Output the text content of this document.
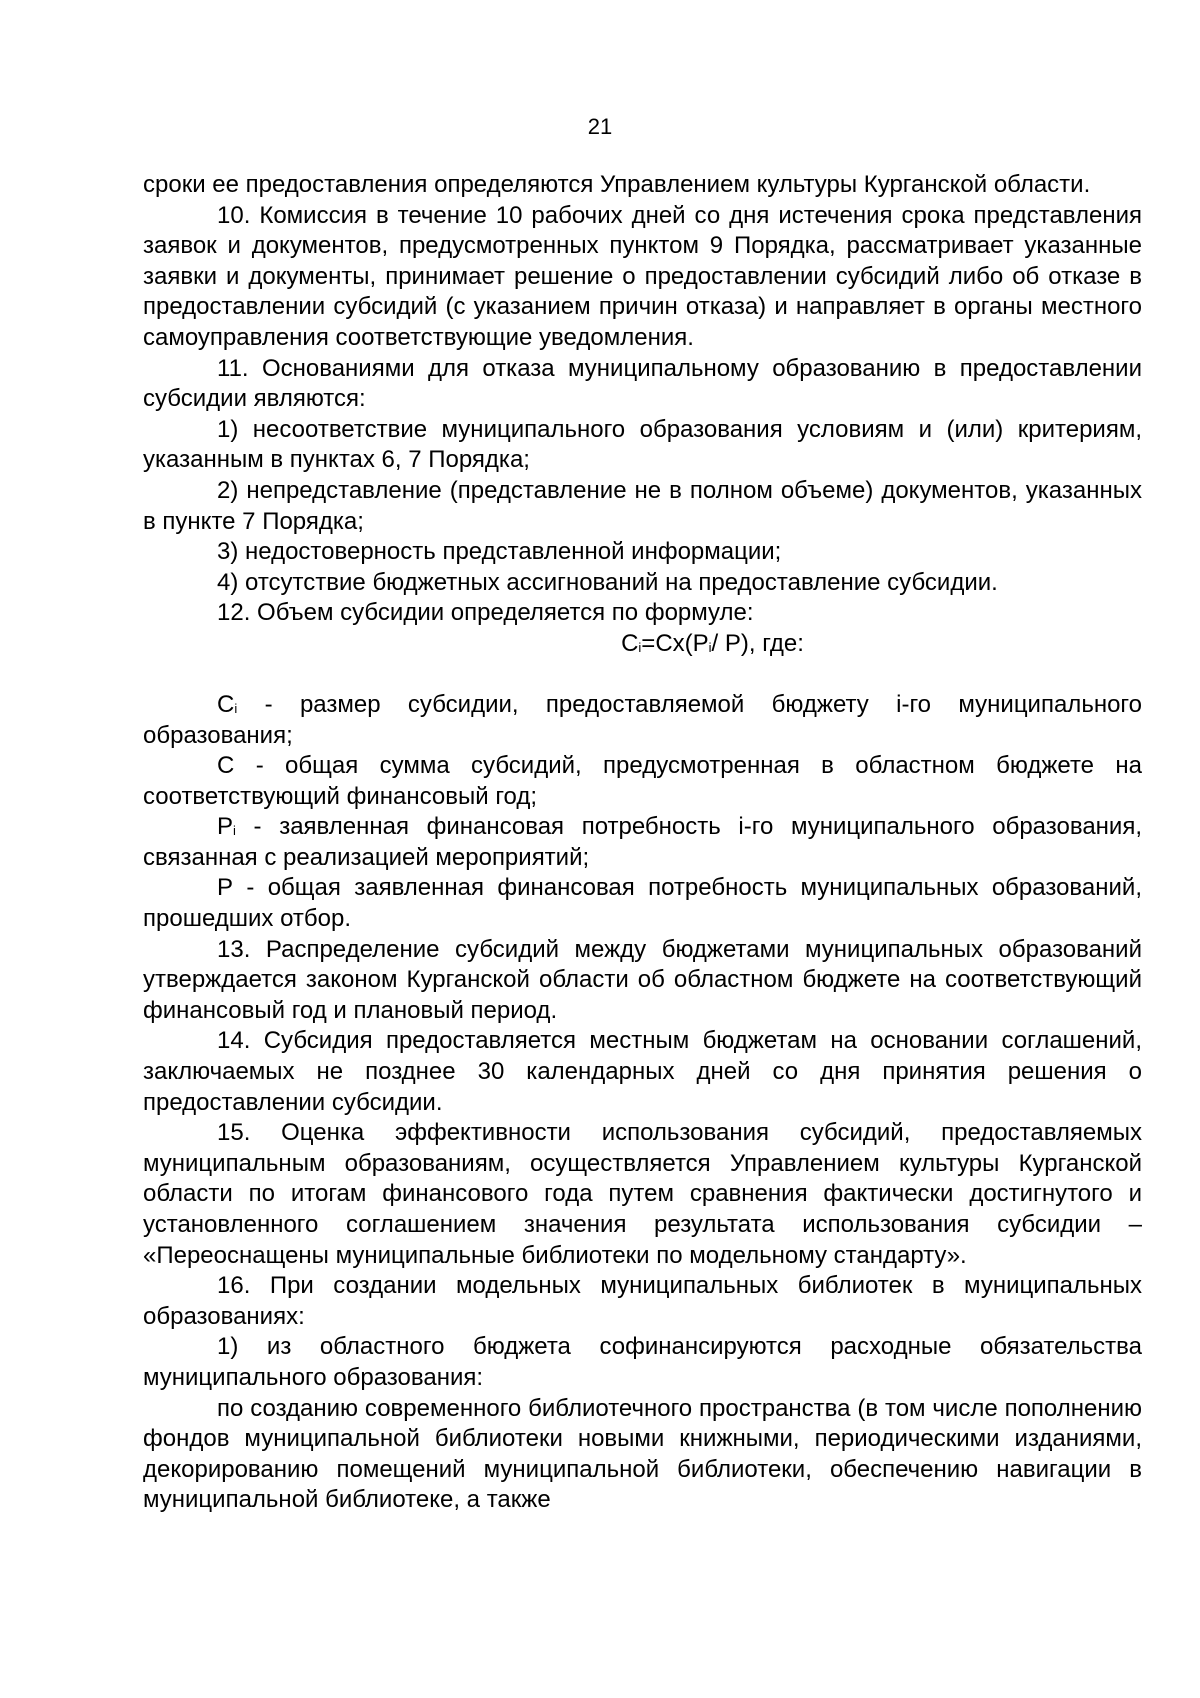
21

сроки ее предоставления определяются Управлением культуры Курганской области.

10. Комиссия в течение 10 рабочих дней со дня истечения срока представления заявок и документов, предусмотренных пунктом 9 Порядка, рассматривает указанные заявки и документы, принимает решение о предоставлении субсидий либо об отказе в предоставлении субсидий (с указанием причин отказа) и направляет в органы местного самоуправления соответствующие уведомления.

11. Основаниями для отказа муниципальному образованию в предоставлении субсидии являются:

1) несоответствие муниципального образования условиям и (или) критериям, указанным в пунктах 6, 7 Порядка;

2) непредставление (представление не в полном объеме) документов, указанных в пункте 7 Порядка;

3) недостоверность представленной информации;

4) отсутствие бюджетных ассигнований на предоставление субсидии.

12. Объем субсидии определяется по формуле:

$С_i=Сх(Р_i/$ Р), где:

$С_i$ - размер субсидии, предоставляемой бюджету i-го муниципального образования;

С - общая сумма субсидий, предусмотренная в областном бюджете на соответствующий финансовый год;

$Р_i$ - заявленная финансовая потребность i-го муниципального образования, связанная с реализацией мероприятий;

Р - общая заявленная финансовая потребность муниципальных образований, прошедших отбор.

13. Распределение субсидий между бюджетами муниципальных образований утверждается законом Курганской области об областном бюджете на соответствующий финансовый год и плановый период.

14. Субсидия предоставляется местным бюджетам на основании соглашений, заключаемых не позднее 30 календарных дней со дня принятия решения о предоставлении субсидии.

15. Оценка эффективности использования субсидий, предоставляемых муниципальным образованиям, осуществляется Управлением культуры Курганской области по итогам финансового года путем сравнения фактически достигнутого и установленного соглашением значения результата использования субсидии – «Переоснащены муниципальные библиотеки по модельному стандарту».

16. При создании модельных муниципальных библиотек в муниципальных образованиях:

1) из областного бюджета софинансируются расходные обязательства муниципального образования:

по созданию современного библиотечного пространства (в том числе пополнению фондов муниципальной библиотеки новыми книжными, периодическими изданиями, декорированию помещений муниципальной библиотеки, обеспечению навигации в муниципальной библиотеке, а также
